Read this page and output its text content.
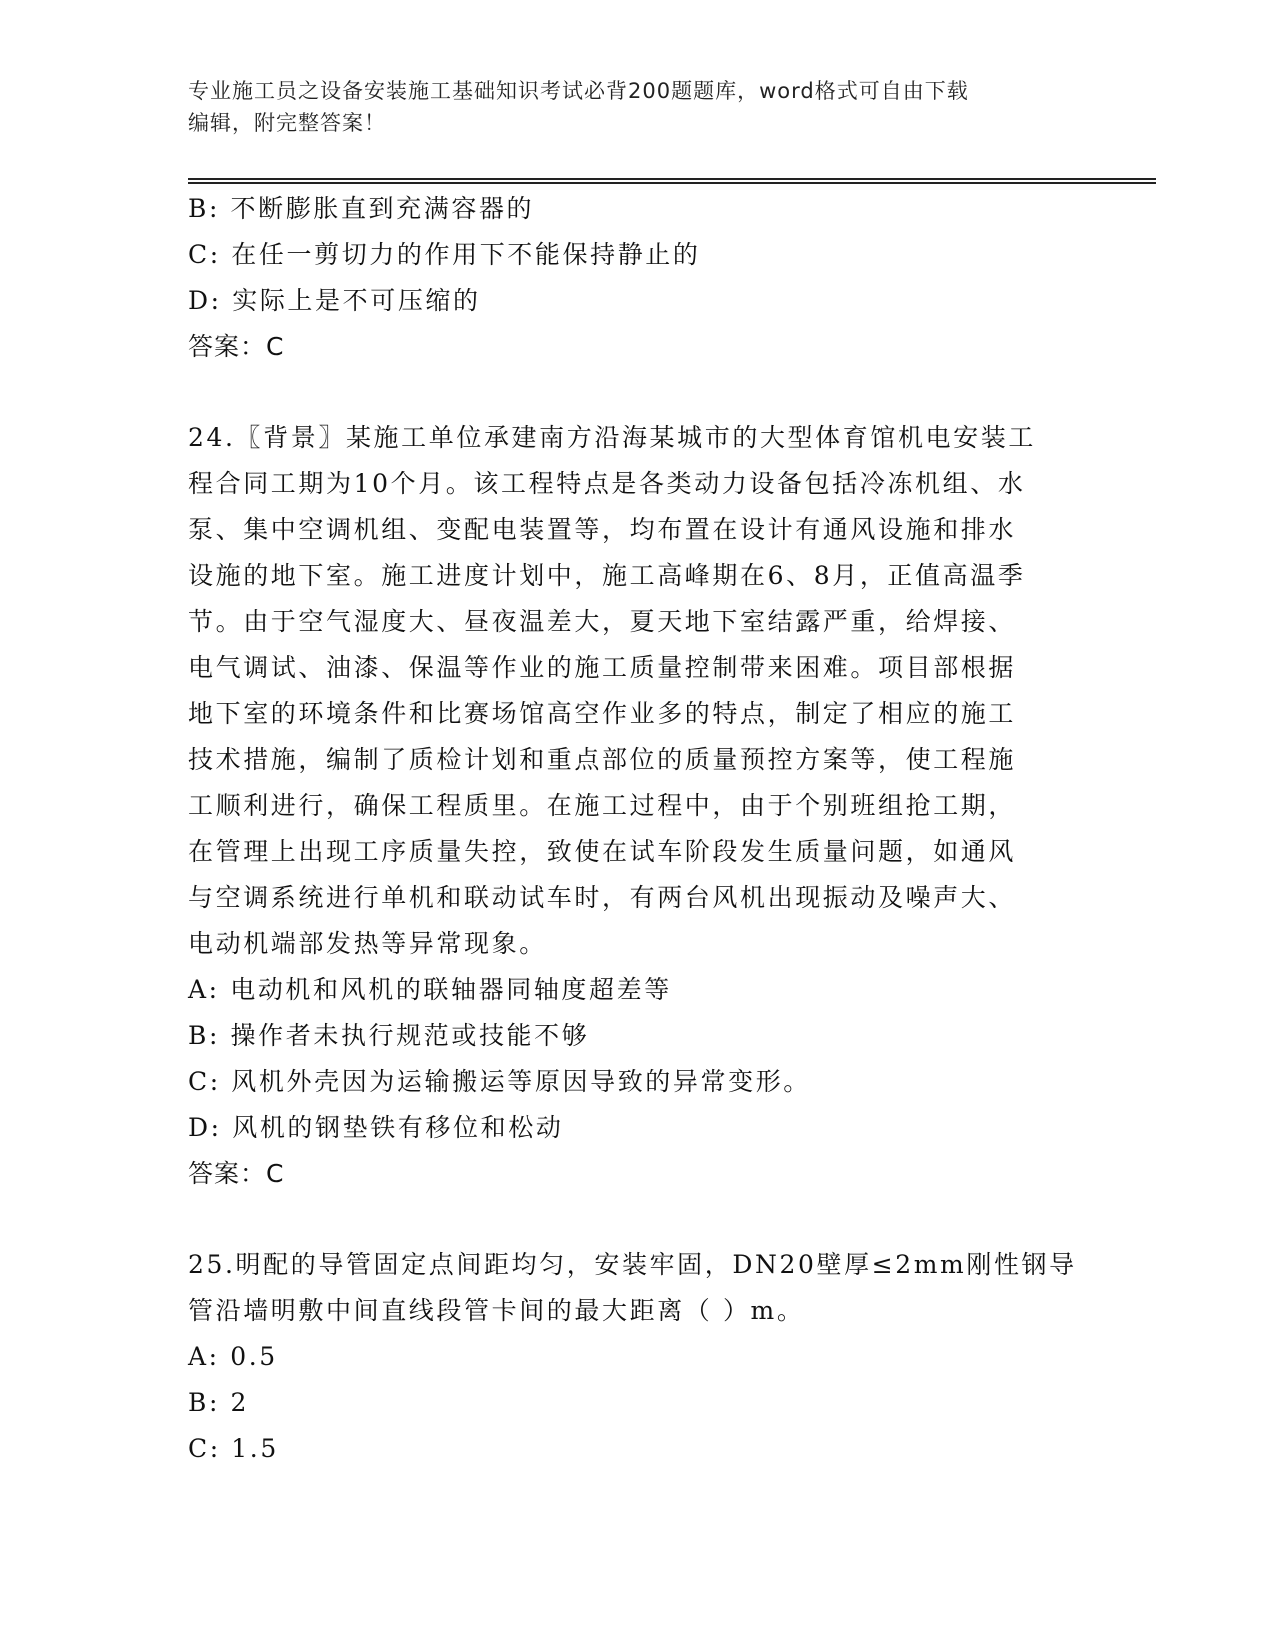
专业施工员之设备安装施工基础知识考试必背200题题库，word格式可自由下载
编辑，附完整答案！
B: 不断膨胀直到充满容器的
C: 在任一剪切力的作用下不能保持静止的
D: 实际上是不可压缩的
答案：C
24.〖背景〗某施工单位承建南方沿海某城市的大型体育馆机电安装工
程合同工期为10个月。该工程特点是各类动力设备包括冷冻机组、水
泵、集中空调机组、变配电装置等，均布置在设计有通风设施和排水
设施的地下室。施工进度计划中，施工高峰期在6、8月，正值高温季
节。由于空气湿度大、昼夜温差大，夏天地下室结露严重，给焊接、
电气调试、油漆、保温等作业的施工质量控制带来困难。项目部根据
地下室的环境条件和比赛场馆高空作业多的特点，制定了相应的施工
技术措施，编制了质检计划和重点部位的质量预控方案等，使工程施
工顺利进行，确保工程质里。在施工过程中，由于个别班组抢工期，
在管理上出现工序质量失控，致使在试车阶段发生质量问题，如通风
与空调系统进行单机和联动试车时，有两台风机出现振动及噪声大、
电动机端部发热等异常现象。
A: 电动机和风机的联轴器同轴度超差等
B: 操作者未执行规范或技能不够
C: 风机外壳因为运输搬运等原因导致的异常变形。
D: 风机的钢垫铁有移位和松动
答案：C
25.明配的导管固定点间距均匀，安装牢固，DN20壁厚≤2mm刚性钢导
管沿墙明敷中间直线段管卡间的最大距离（ ）m。
A: 0.5
B: 2
C: 1.5
